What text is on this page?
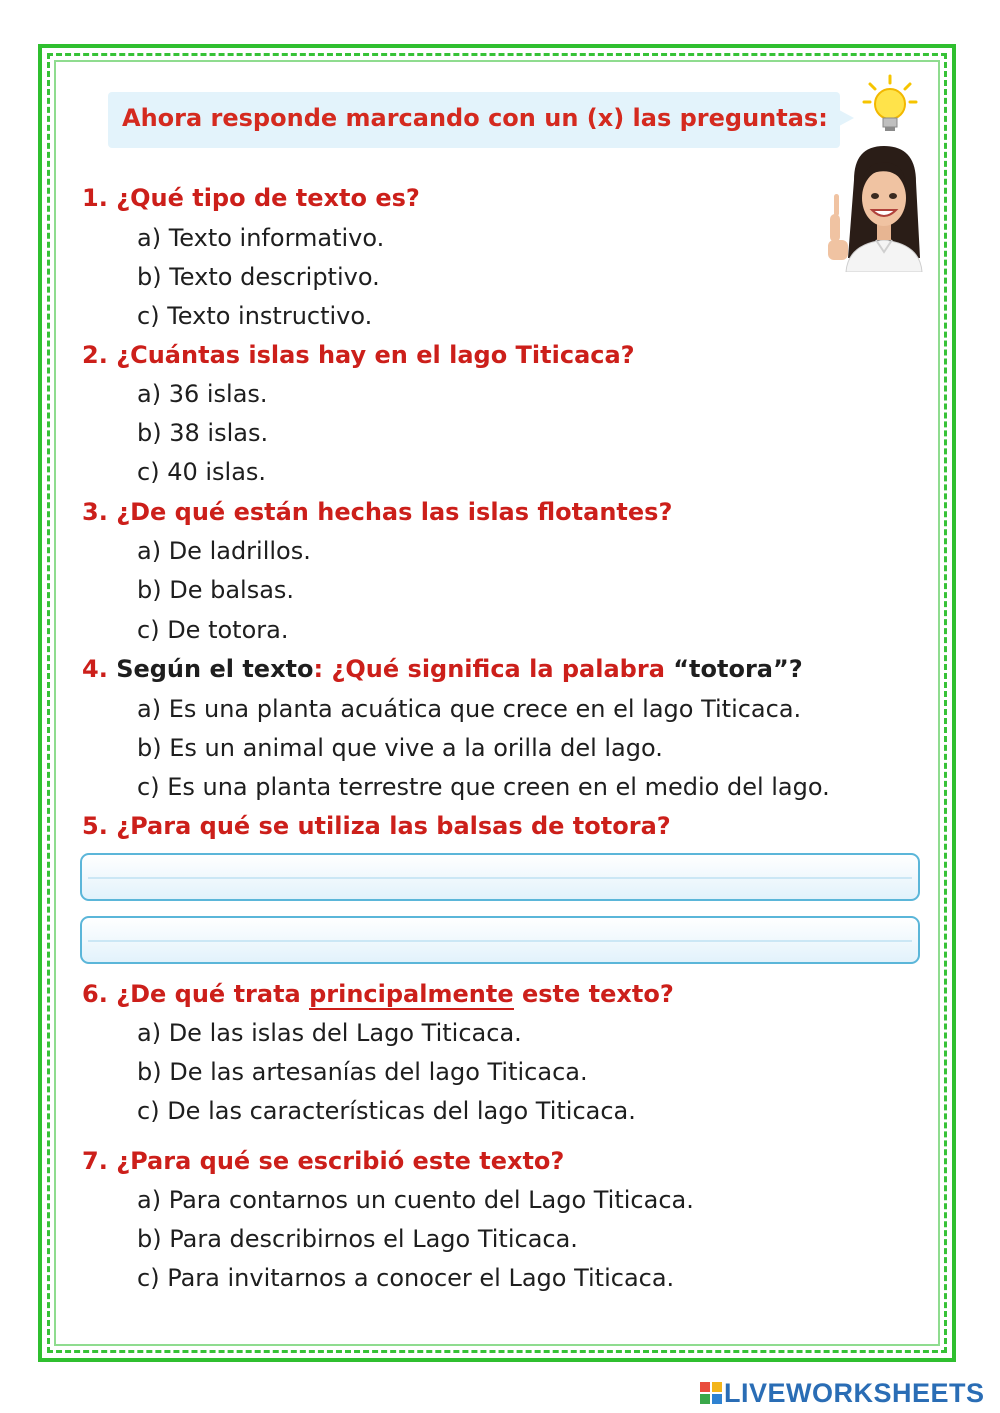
Ahora responde marcando con un (x) las preguntas:
1. ¿Qué tipo de texto es?
a) Texto informativo.
b) Texto descriptivo.
c) Texto instructivo.
2. ¿Cuántas islas hay en el lago Titicaca?
a) 36 islas.
b) 38 islas.
c) 40 islas.
3. ¿De qué están hechas las islas flotantes?
a) De ladrillos.
b) De balsas.
c) De totora.
4. Según el texto: ¿Qué significa la palabra “totora”?
a) Es una planta acuática que crece en el lago Titicaca.
b) Es un animal que vive a la orilla del lago.
c) Es una planta terrestre que creen en el medio del lago.
5. ¿Para qué se utiliza las balsas de totora?
6. ¿De qué trata principalmente este texto?
a) De las islas del Lago Titicaca.
b) De las artesanías del lago Titicaca.
c) De las características del lago Titicaca.
7. ¿Para qué se escribió este texto?
a) Para contarnos un cuento del Lago Titicaca.
b) Para describirnos el Lago Titicaca.
c) Para invitarnos a conocer el Lago Titicaca.
LIVEWORKSHEETS
